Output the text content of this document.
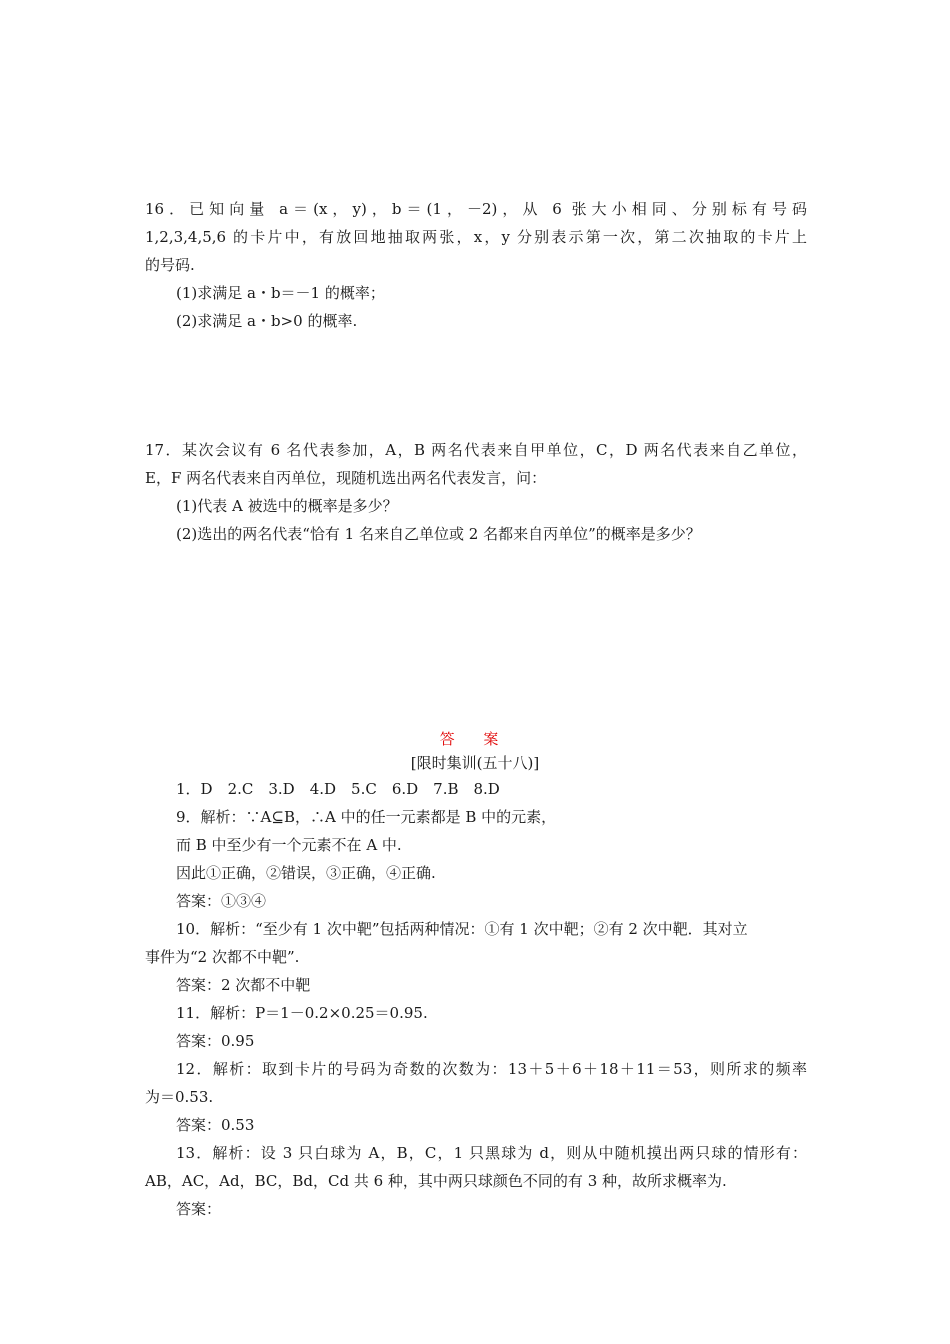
16．已知向量 a＝(x，y)，b＝(1，－2)，从 6 张大小相同、分别标有号码
1,2,3,4,5,6 的卡片中，有放回地抽取两张，x，y 分别表示第一次，第二次抽取的卡片上
的号码.
(1)求满足 a・b＝－1 的概率；
(2)求满足 a・b>0 的概率.
17．某次会议有 6 名代表参加，A，B 两名代表来自甲单位，C，D 两名代表来自乙单位，
E，F 两名代表来自丙单位，现随机选出两名代表发言，问：
(1)代表 A 被选中的概率是多少？
(2)选出的两名代表“恰有 1 名来自乙单位或 2 名都来自丙单位”的概率是多少？
答 案
[限时集训(五十八)]
1．D　2.C　3.D　4.D　5.C　6.D　7.B　8.D
9．解析：∵A⊆B，∴A 中的任一元素都是 B 中的元素，
而 B 中至少有一个元素不在 A 中.
因此①正确，②错误，③正确，④正确.
答案：①③④
10．解析：“至少有 1 次中靶”包括两种情况：①有 1 次中靶；②有 2 次中靶．其对立
事件为“2 次都不中靶”.
答案：2 次都不中靶
11．解析：P＝1－0.2×0.25＝0.95.
答案：0.95
12．解析：取到卡片的号码为奇数的次数为：13＋5＋6＋18＋11＝53，则所求的频率
为＝0.53.
答案：0.53
13．解析：设 3 只白球为 A，B，C，1 只黑球为 d，则从中随机摸出两只球的情形有：
AB，AC，Ad，BC，Bd，Cd 共 6 种，其中两只球颜色不同的有 3 种，故所求概率为.
答案：
